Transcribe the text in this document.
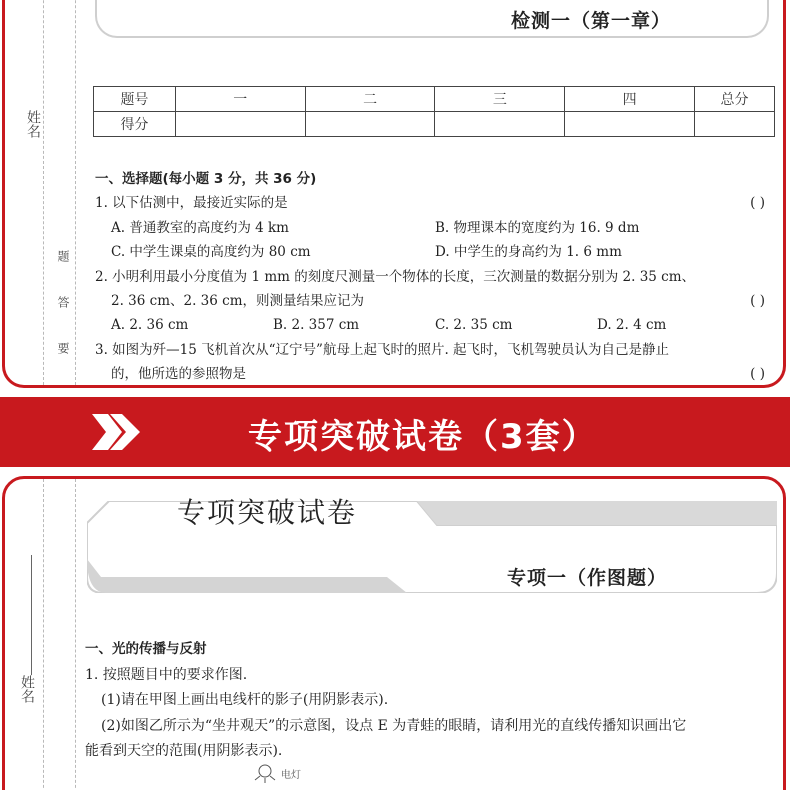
姓名
题
答
要
检测一（第一章）
题号	一	二	三	四	总分
得分					
一、选择题(每小题 3 分，共 36 分)
1. 以下估测中，最接近实际的是	( )
A. 普通教室的高度约为 4 km	B. 物理课本的宽度约为 16. 9 dm
C. 中学生课桌的高度约为 80 cm	D. 中学生的身高约为 1. 6 mm
2. 小明利用最小分度值为 1 mm 的刻度尺测量一个物体的长度，三次测量的数据分别为 2. 35 cm、
2. 36 cm、2. 36 cm，则测量结果应记为	( )
A. 2. 36 cm	B. 2. 357 cm	C. 2. 35 cm	D. 2. 4 cm
3. 如图为歼—15 飞机首次从“辽宁号”航母上起飞时的照片. 起飞时，飞机驾驶员认为自己是静止
的，他所选的参照物是	( )
专项突破试卷（3套）
姓名
专项突破试卷
专项一（作图题）
一、光的传播与反射
1. 按照题目中的要求作图.
(1)请在甲图上画出电线杆的影子(用阴影表示).
(2)如图乙所示为“坐井观天”的示意图，设点 E 为青蛙的眼睛，请利用光的直线传播知识画出它
能看到天空的范围(用阴影表示).
电灯
